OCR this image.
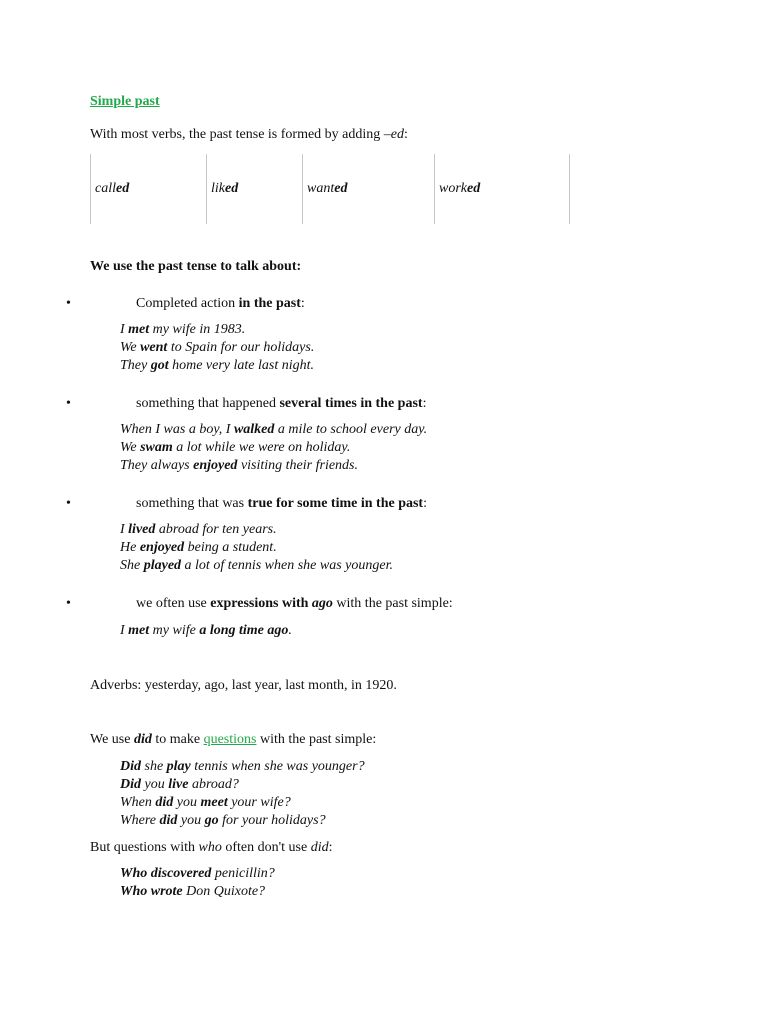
Simple past
With most verbs, the past tense is formed by adding –ed:
called	liked	wanted	worked
We use the past tense to talk about:
•	Completed action in the past:
I met my wife in 1983.
We went to Spain for our holidays.
They got home very late last night.
•	something that happened several times in the past:
When I was a boy, I walked a mile to school every day.
We swam a lot while we were on holiday.
They always enjoyed visiting their friends.
•	something that was true for some time in the past:
I lived abroad for ten years.
He enjoyed being a student.
She played a lot of tennis when she was younger.
•	we often use expressions with ago with the past simple:
I met my wife a long time ago.
Adverbs: yesterday, ago, last year, last month, in 1920.
We use did to make questions with the past simple:
Did she play tennis when she was younger?
Did you live abroad?
When did you meet your wife?
Where did you go for your holidays?
But questions with who often don't use did:
Who discovered penicillin?
Who wrote Don Quixote?
